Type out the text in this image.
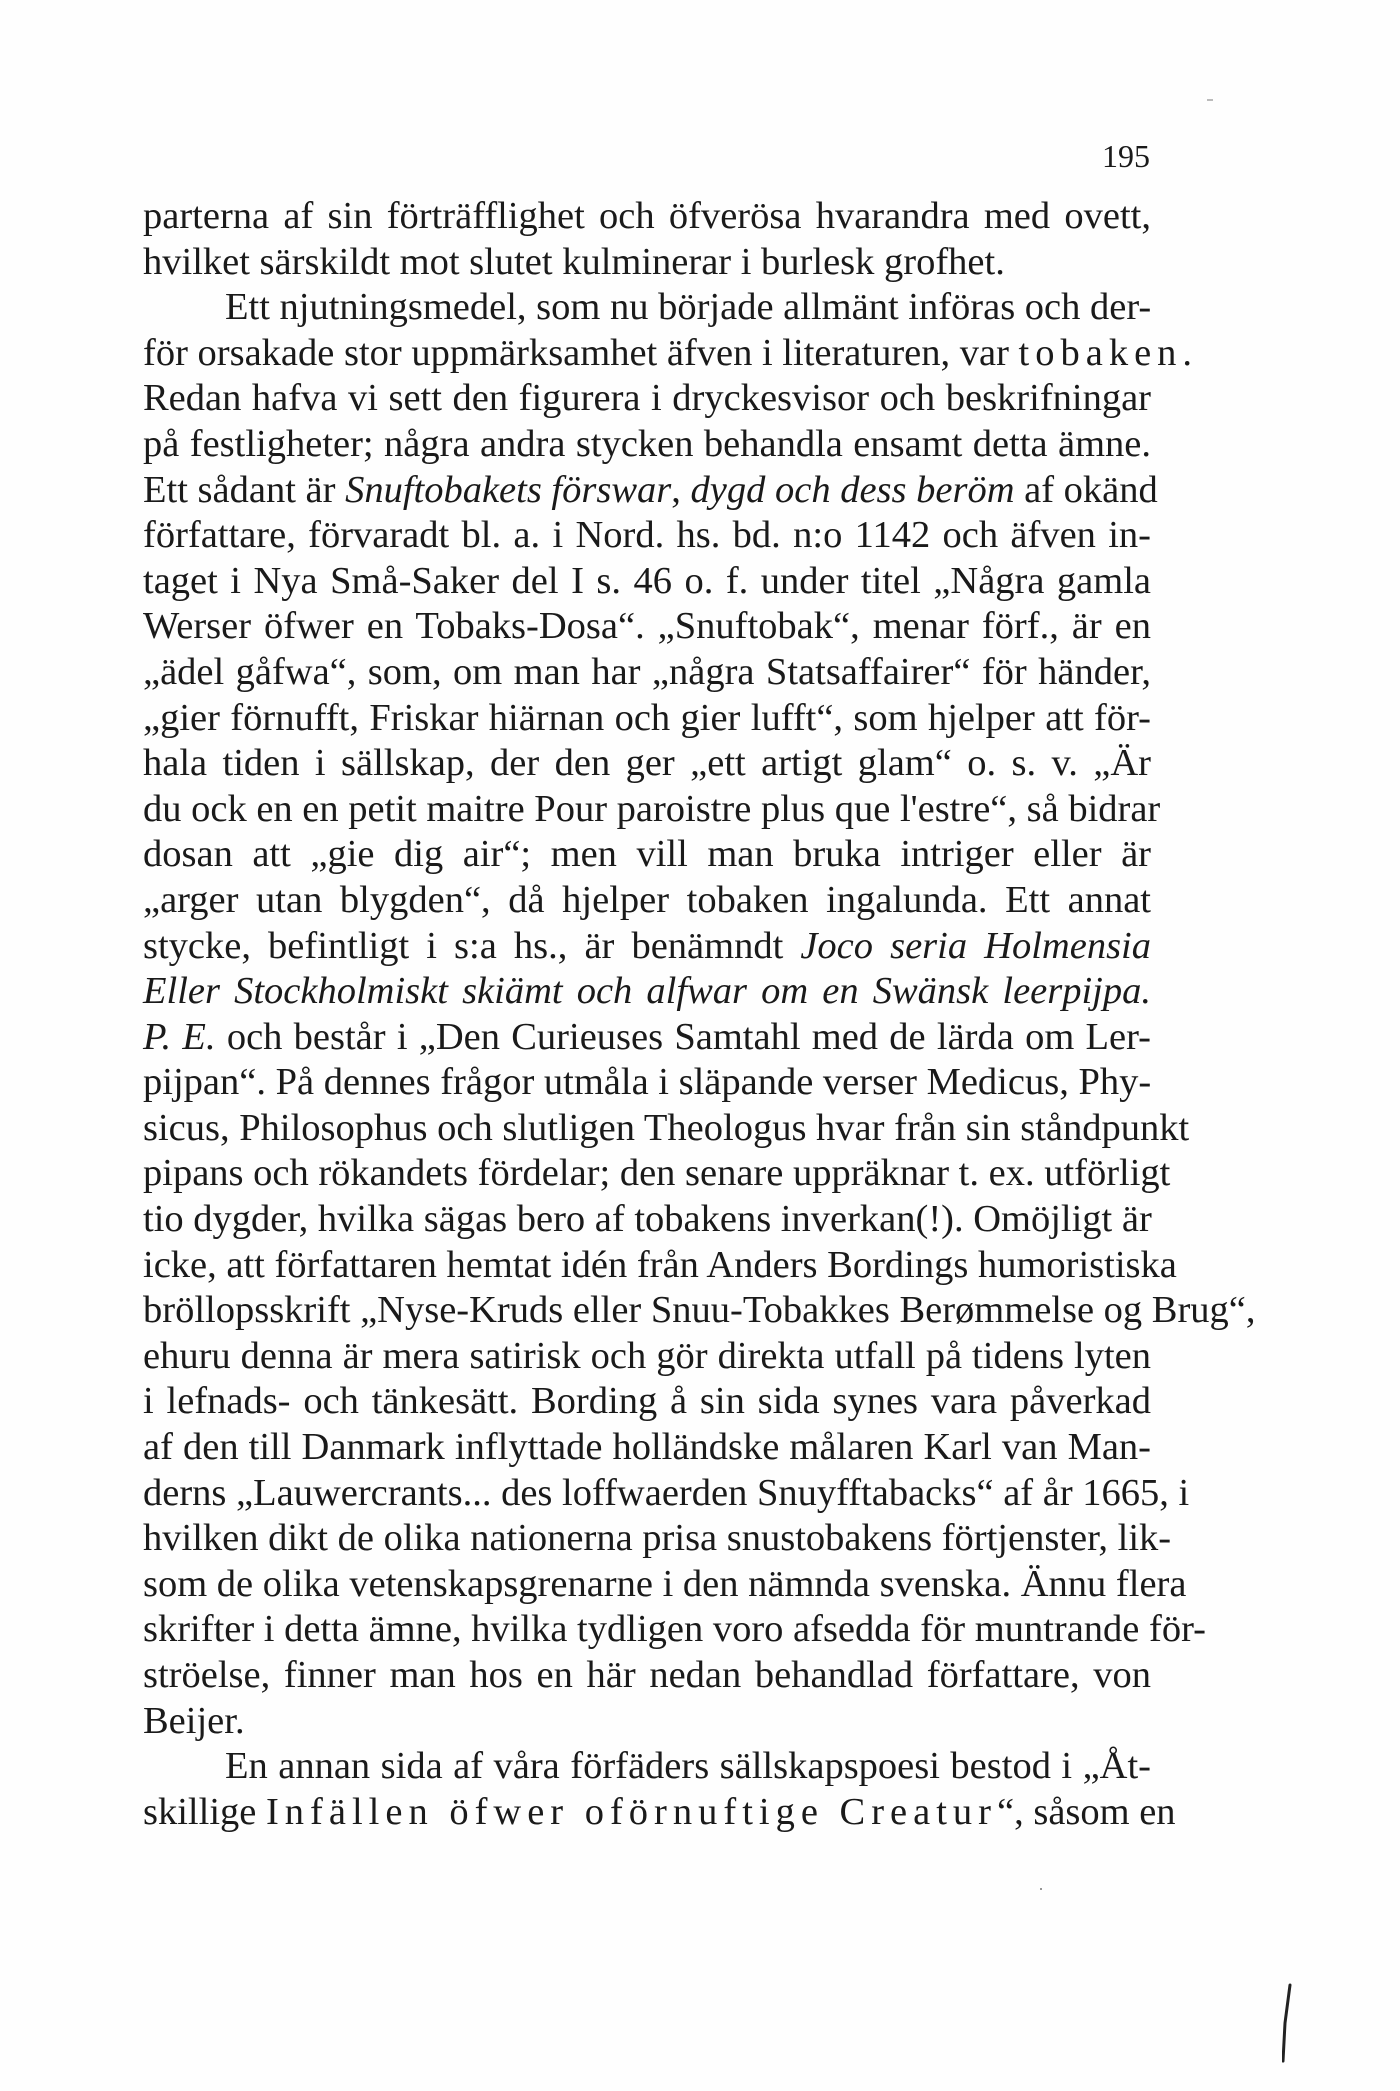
195
parterna af sin förträfflighet och öfverösa hvarandra med ovett,
hvilket särskildt mot slutet kulminerar i burlesk grofhet.
Ett njutningsmedel, som nu började allmänt införas och der-
för orsakade stor uppmärksamhet äfven i literaturen, var tobaken.
Redan hafva vi sett den figurera i dryckesvisor och beskrifningar
på festligheter; några andra stycken behandla ensamt detta ämne.
Ett sådant är Snuftobakets förswar, dygd och dess beröm af okänd
författare, förvaradt bl. a. i Nord. hs. bd. n:o 1142 och äfven in-
taget i Nya Små-Saker del I s. 46 o. f. under titel „Några gamla
Werser öfwer en Tobaks-Dosa“. „Snuftobak“, menar förf., är en
„ädel gåfwa“, som, om man har „några Statsaffairer“ för händer,
„gier förnufft, Friskar hiärnan och gier lufft“, som hjelper att för-
hala tiden i sällskap, der den ger „ett artigt glam“ o. s. v. „Är
du ock en en petit maitre Pour paroistre plus que l'estre“, så bidrar
dosan att „gie dig air“; men vill man bruka intriger eller är
„arger utan blygden“, då hjelper tobaken ingalunda. Ett annat
stycke, befintligt i s:a hs., är benämndt Joco seria Holmensia
Eller Stockholmiskt skiämt och alfwar om en Swänsk leerpijpa.
P. E. och består i „Den Curieuses Samtahl med de lärda om Ler-
pijpan“. På dennes frågor utmåla i släpande verser Medicus, Phy-
sicus, Philosophus och slutligen Theologus hvar från sin ståndpunkt
pipans och rökandets fördelar; den senare uppräknar t. ex. utförligt
tio dygder, hvilka sägas bero af tobakens inverkan(!). Omöjligt är
icke, att författaren hemtat idén från Anders Bordings humoristiska
bröllopsskrift „Nyse-Kruds eller Snuu-Tobakkes Berømmelse og Brug“,
ehuru denna är mera satirisk och gör direkta utfall på tidens lyten
i lefnads- och tänkesätt. Bording å sin sida synes vara påverkad
af den till Danmark inflyttade holländske målaren Karl van Man-
derns „Lauwercrants... des loffwaerden Snuyfftabacks“ af år 1665, i
hvilken dikt de olika nationerna prisa snustobakens förtjenster, lik-
som de olika vetenskapsgrenarne i den nämnda svenska. Ännu flera
skrifter i detta ämne, hvilka tydligen voro afsedda för muntrande för-
ströelse, finner man hos en här nedan behandlad författare, von
Beijer.
En annan sida af våra förfäders sällskapspoesi bestod i „Åt-
skillige Infällen öfwer oförnuftige Creatur“, såsom en
